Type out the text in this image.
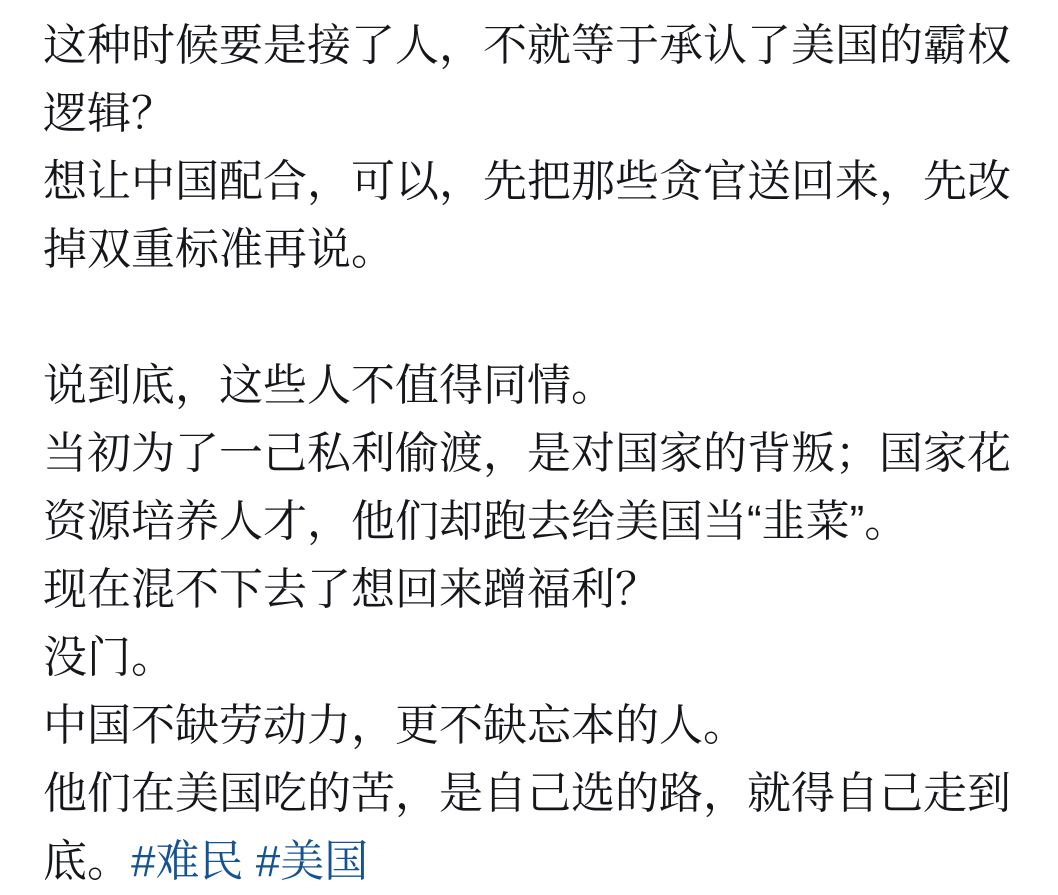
这种时候要是接了人，不就等于承认了美国的霸权
逻辑？
想让中国配合，可以，先把那些贪官送回来，先改
掉双重标准再说。
说到底，这些人不值得同情。
当初为了一己私利偷渡，是对国家的背叛；国家花
资源培养人才，他们却跑去给美国当“韭菜”。
现在混不下去了想回来蹭福利？
没门。
中国不缺劳动力，更不缺忘本的人。
他们在美国吃的苦，是自己选的路，就得自己走到
底。#难民 #美国
